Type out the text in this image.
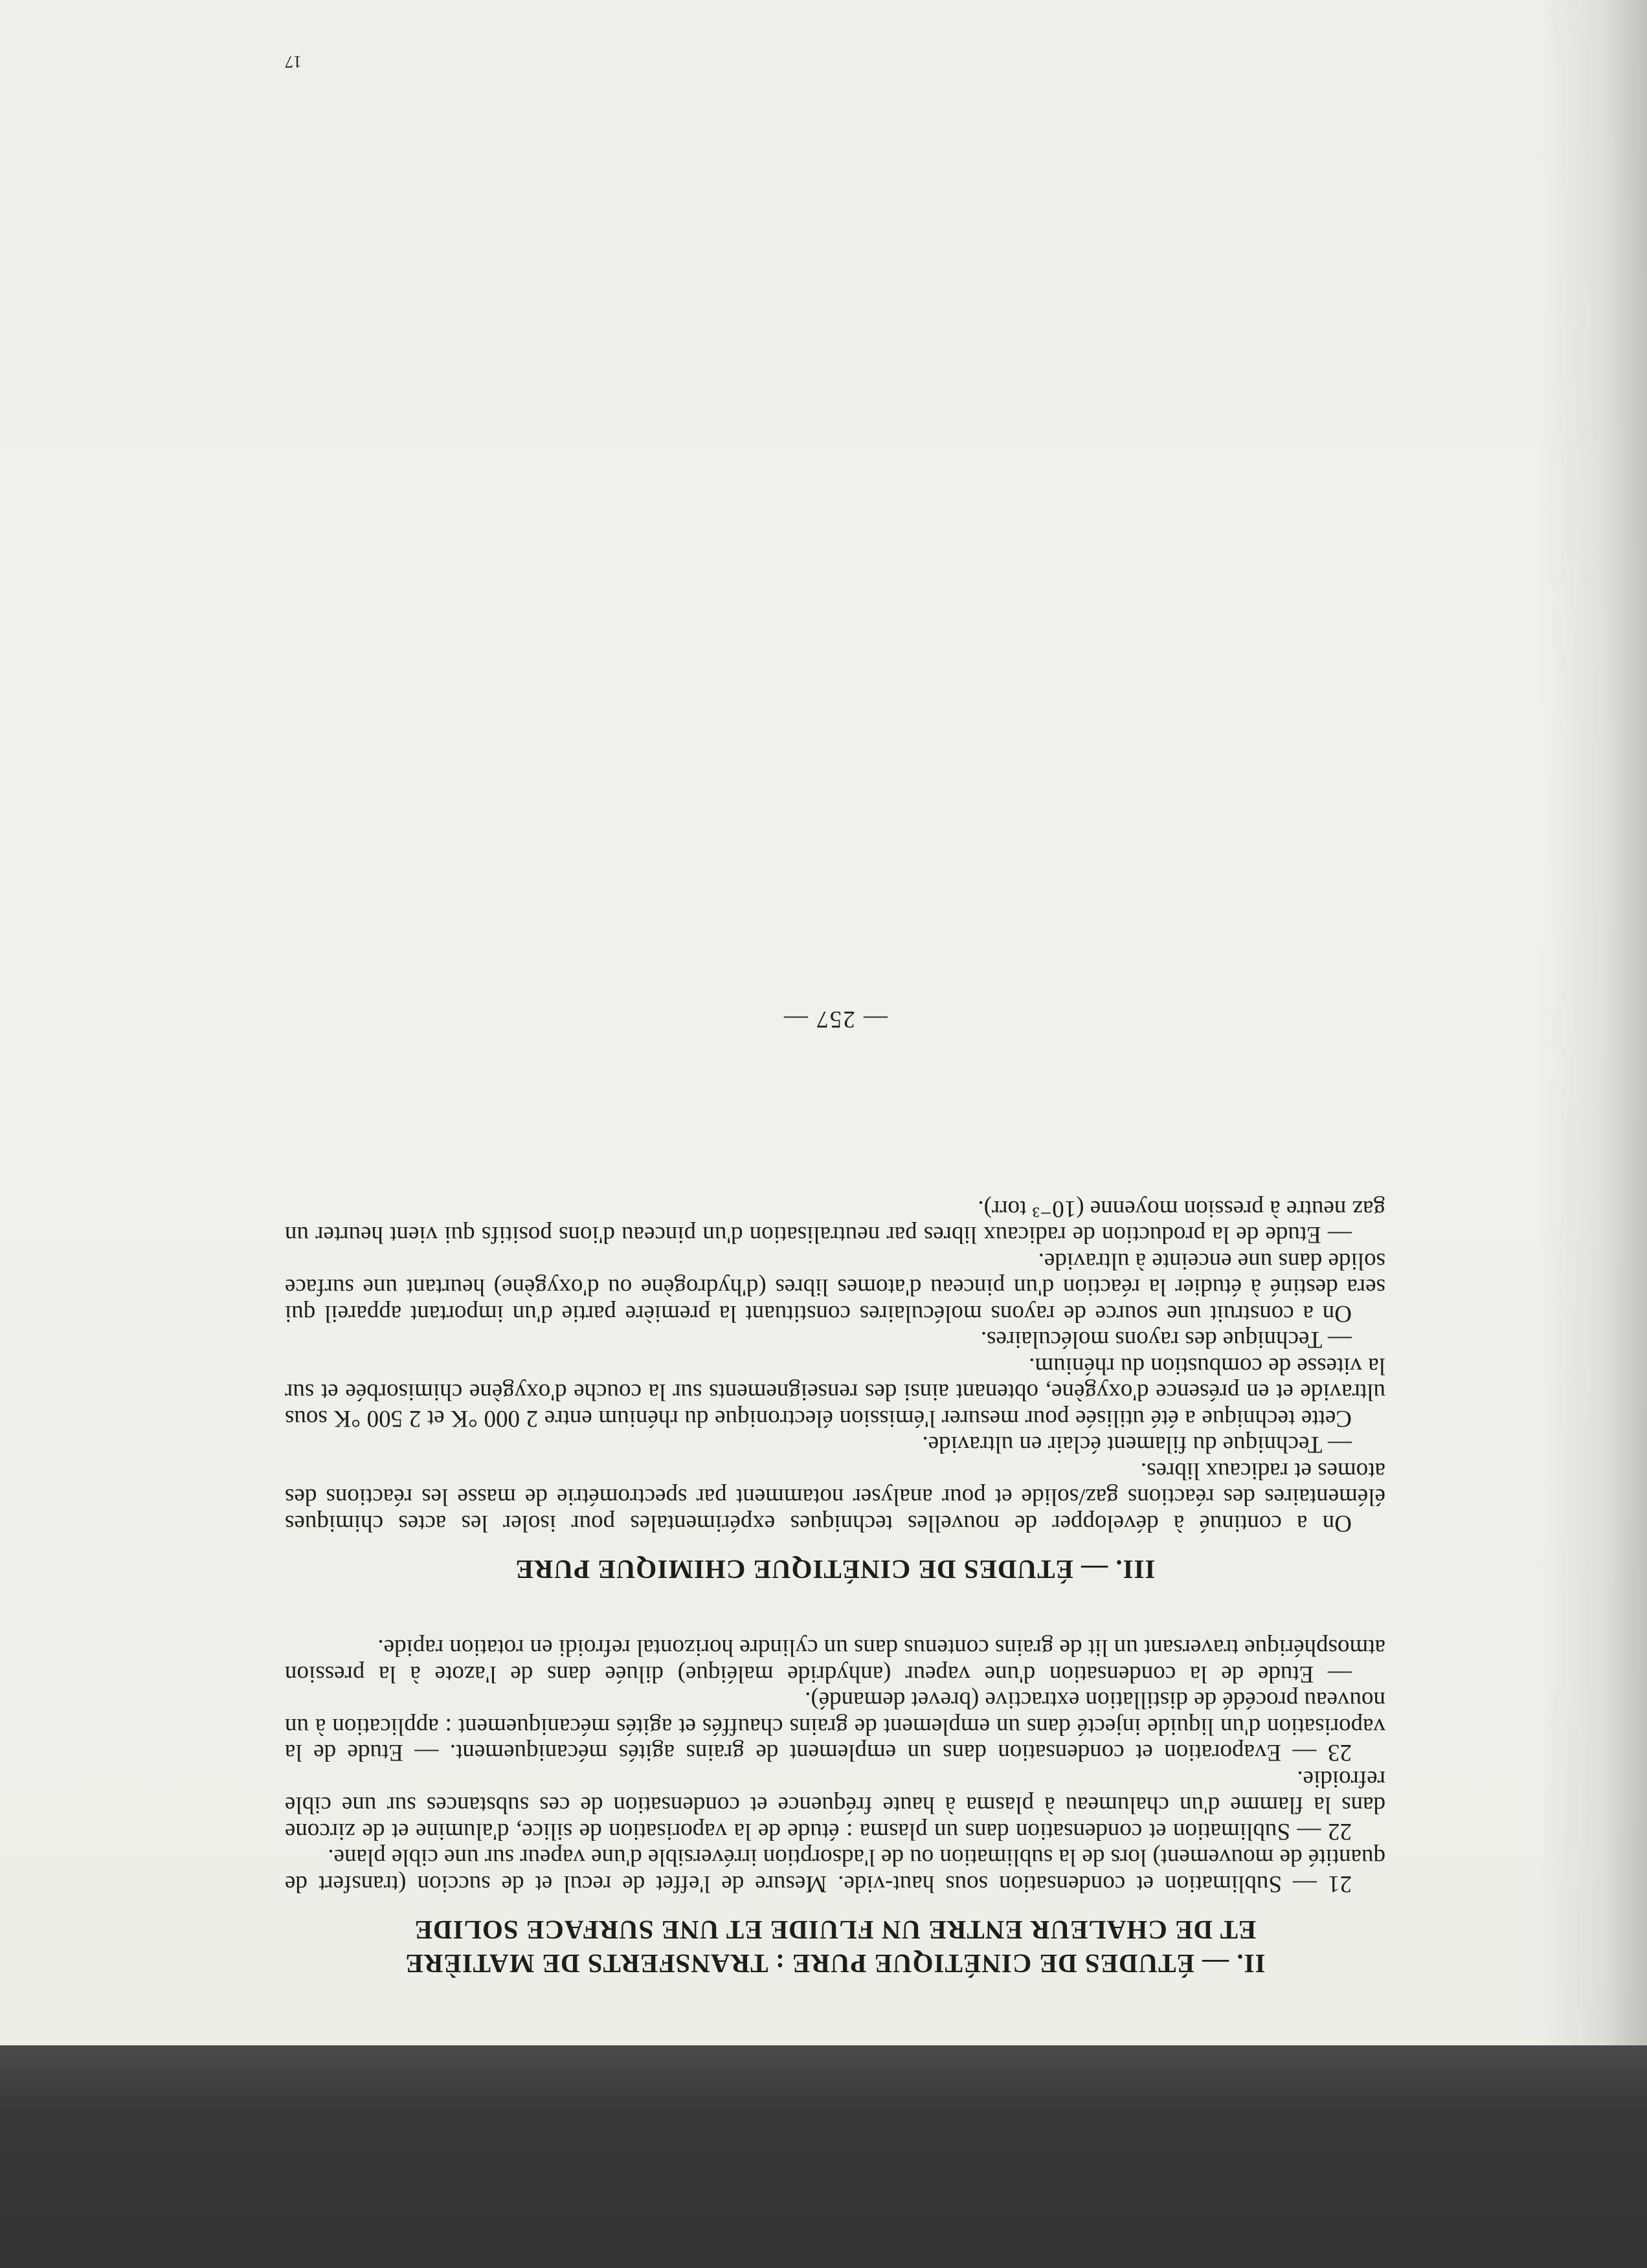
II. — ÉTUDES DE CINÉTIQUE PURE : TRANSFERTS DE MATIÈRE
ET DE CHALEUR ENTRE UN FLUIDE ET UNE SURFACE SOLIDE

21 — Sublimation et condensation sous haut-vide. Mesure de l'effet de recul et de succion (transfert de quantité de mouvement) lors de la sublimation ou de l'adsorption irréversible d'une vapeur sur une cible plane.

22 — Sublimation et condensation dans un plasma : étude de la vaporisation de silice, d'alumine et de zircone dans la flamme d'un chalumeau à plasma à haute fréquence et condensation de ces substances sur une cible refroidie.

23 — Evaporation et condensation dans un emplement de grains agités mécaniquement. — Etude de la vaporisation d'un liquide injecté dans un emplement de grains chauffés et agités mécaniquement : application à un nouveau procédé de distillation extractive (brevet demandé).

— Etude de la condensation d'une vapeur (anhydride maléique) diluée dans de l'azote à la pression atmosphérique traversant un lit de grains contenus dans un cylindre horizontal refroidi en rotation rapide.

III. — ÉTUDES DE CINÉTIQUE CHIMIQUE PURE

On a continué à développer de nouvelles techniques expérimentales pour isoler les actes chimiques élémentaires des réactions gaz/solide et pour analyser notamment par spectrométrie de masse les réactions des atomes et radicaux libres.

— Technique du filament éclair en ultravide.

Cette technique a été utilisée pour mesurer l'émission électronique du rhénium entre 2 000 °K et 2 500 °K sous ultravide et en présence d'oxygène, obtenant ainsi des renseignements sur la couche d'oxygène chimisorbée et sur la vitesse de combustion du rhénium.

— Technique des rayons moléculaires.

On a construit une source de rayons moléculaires constituant la première partie d'un important appareil qui sera destiné à étudier la réaction d'un pinceau d'atomes libres (d'hydrogène ou d'oxygène) heurtant une surface solide dans une enceinte à ultravide.

— Etude de la production de radicaux libres par neutralisation d'un pinceau d'ions positifs qui vient heurter un gaz neutre à pression moyenne (10⁻³ torr).

— 257 —
17
